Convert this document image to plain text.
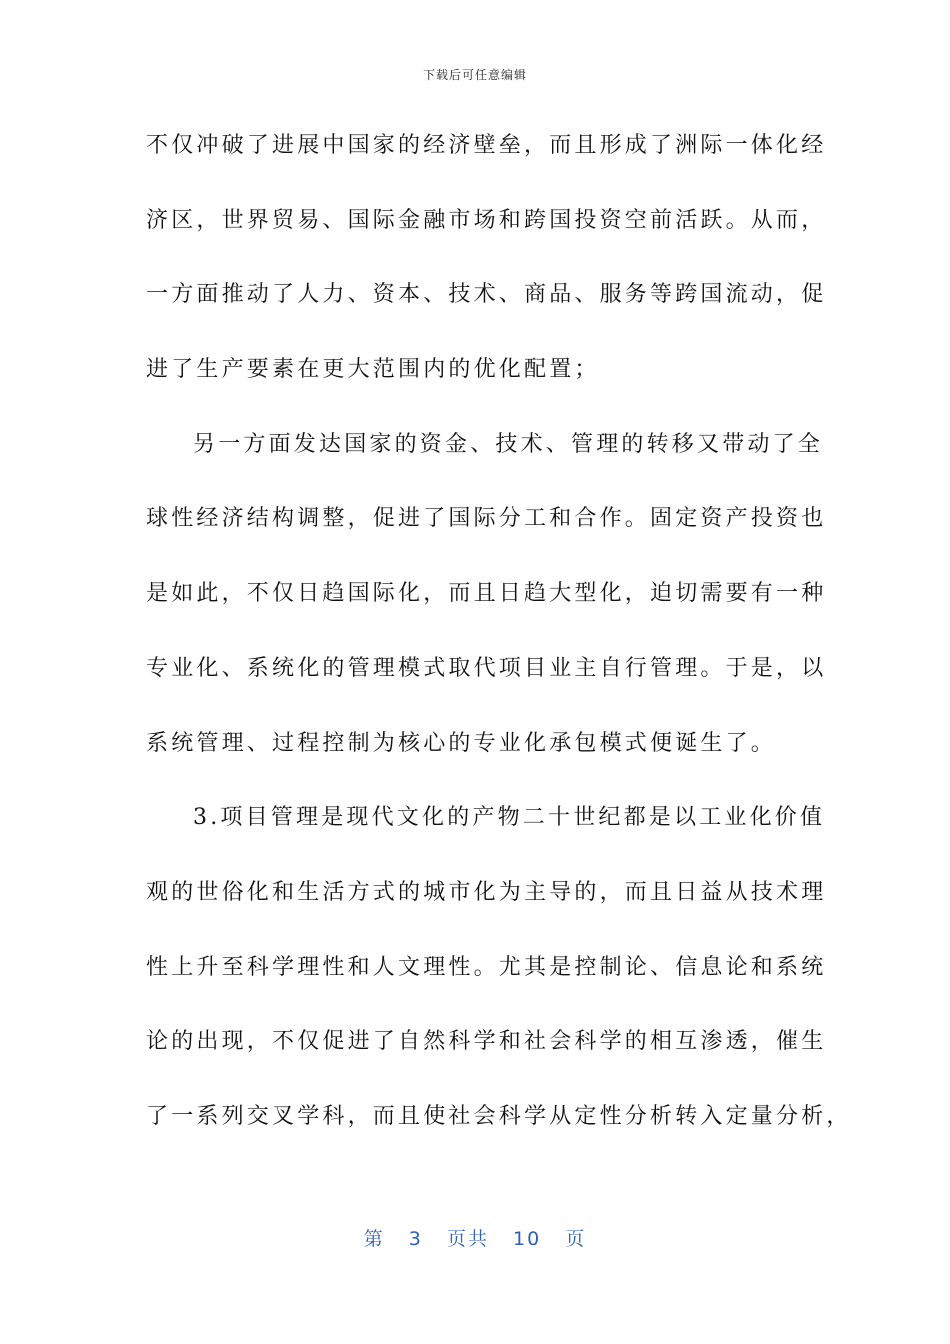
下载后可任意编辑
不仅冲破了进展中国家的经济壁垒，而且形成了洲际一体化经
济区，世界贸易、国际金融市场和跨国投资空前活跃。从而，
一方面推动了人力、资本、技术、商品、服务等跨国流动，促
进了生产要素在更大范围内的优化配置；
另一方面发达国家的资金、技术、管理的转移又带动了全
球性经济结构调整，促进了国际分工和合作。固定资产投资也
是如此，不仅日趋国际化，而且日趋大型化，迫切需要有一种
专业化、系统化的管理模式取代项目业主自行管理。于是，以
系统管理、过程控制为核心的专业化承包模式便诞生了。
3.项目管理是现代文化的产物二十世纪都是以工业化价值
观的世俗化和生活方式的城市化为主导的，而且日益从技术理
性上升至科学理性和人文理性。尤其是控制论、信息论和系统
论的出现，不仅促进了自然科学和社会科学的相互渗透，催生
了一系列交叉学科，而且使社会科学从定性分析转入定量分析，
第 3 页共 10 页
